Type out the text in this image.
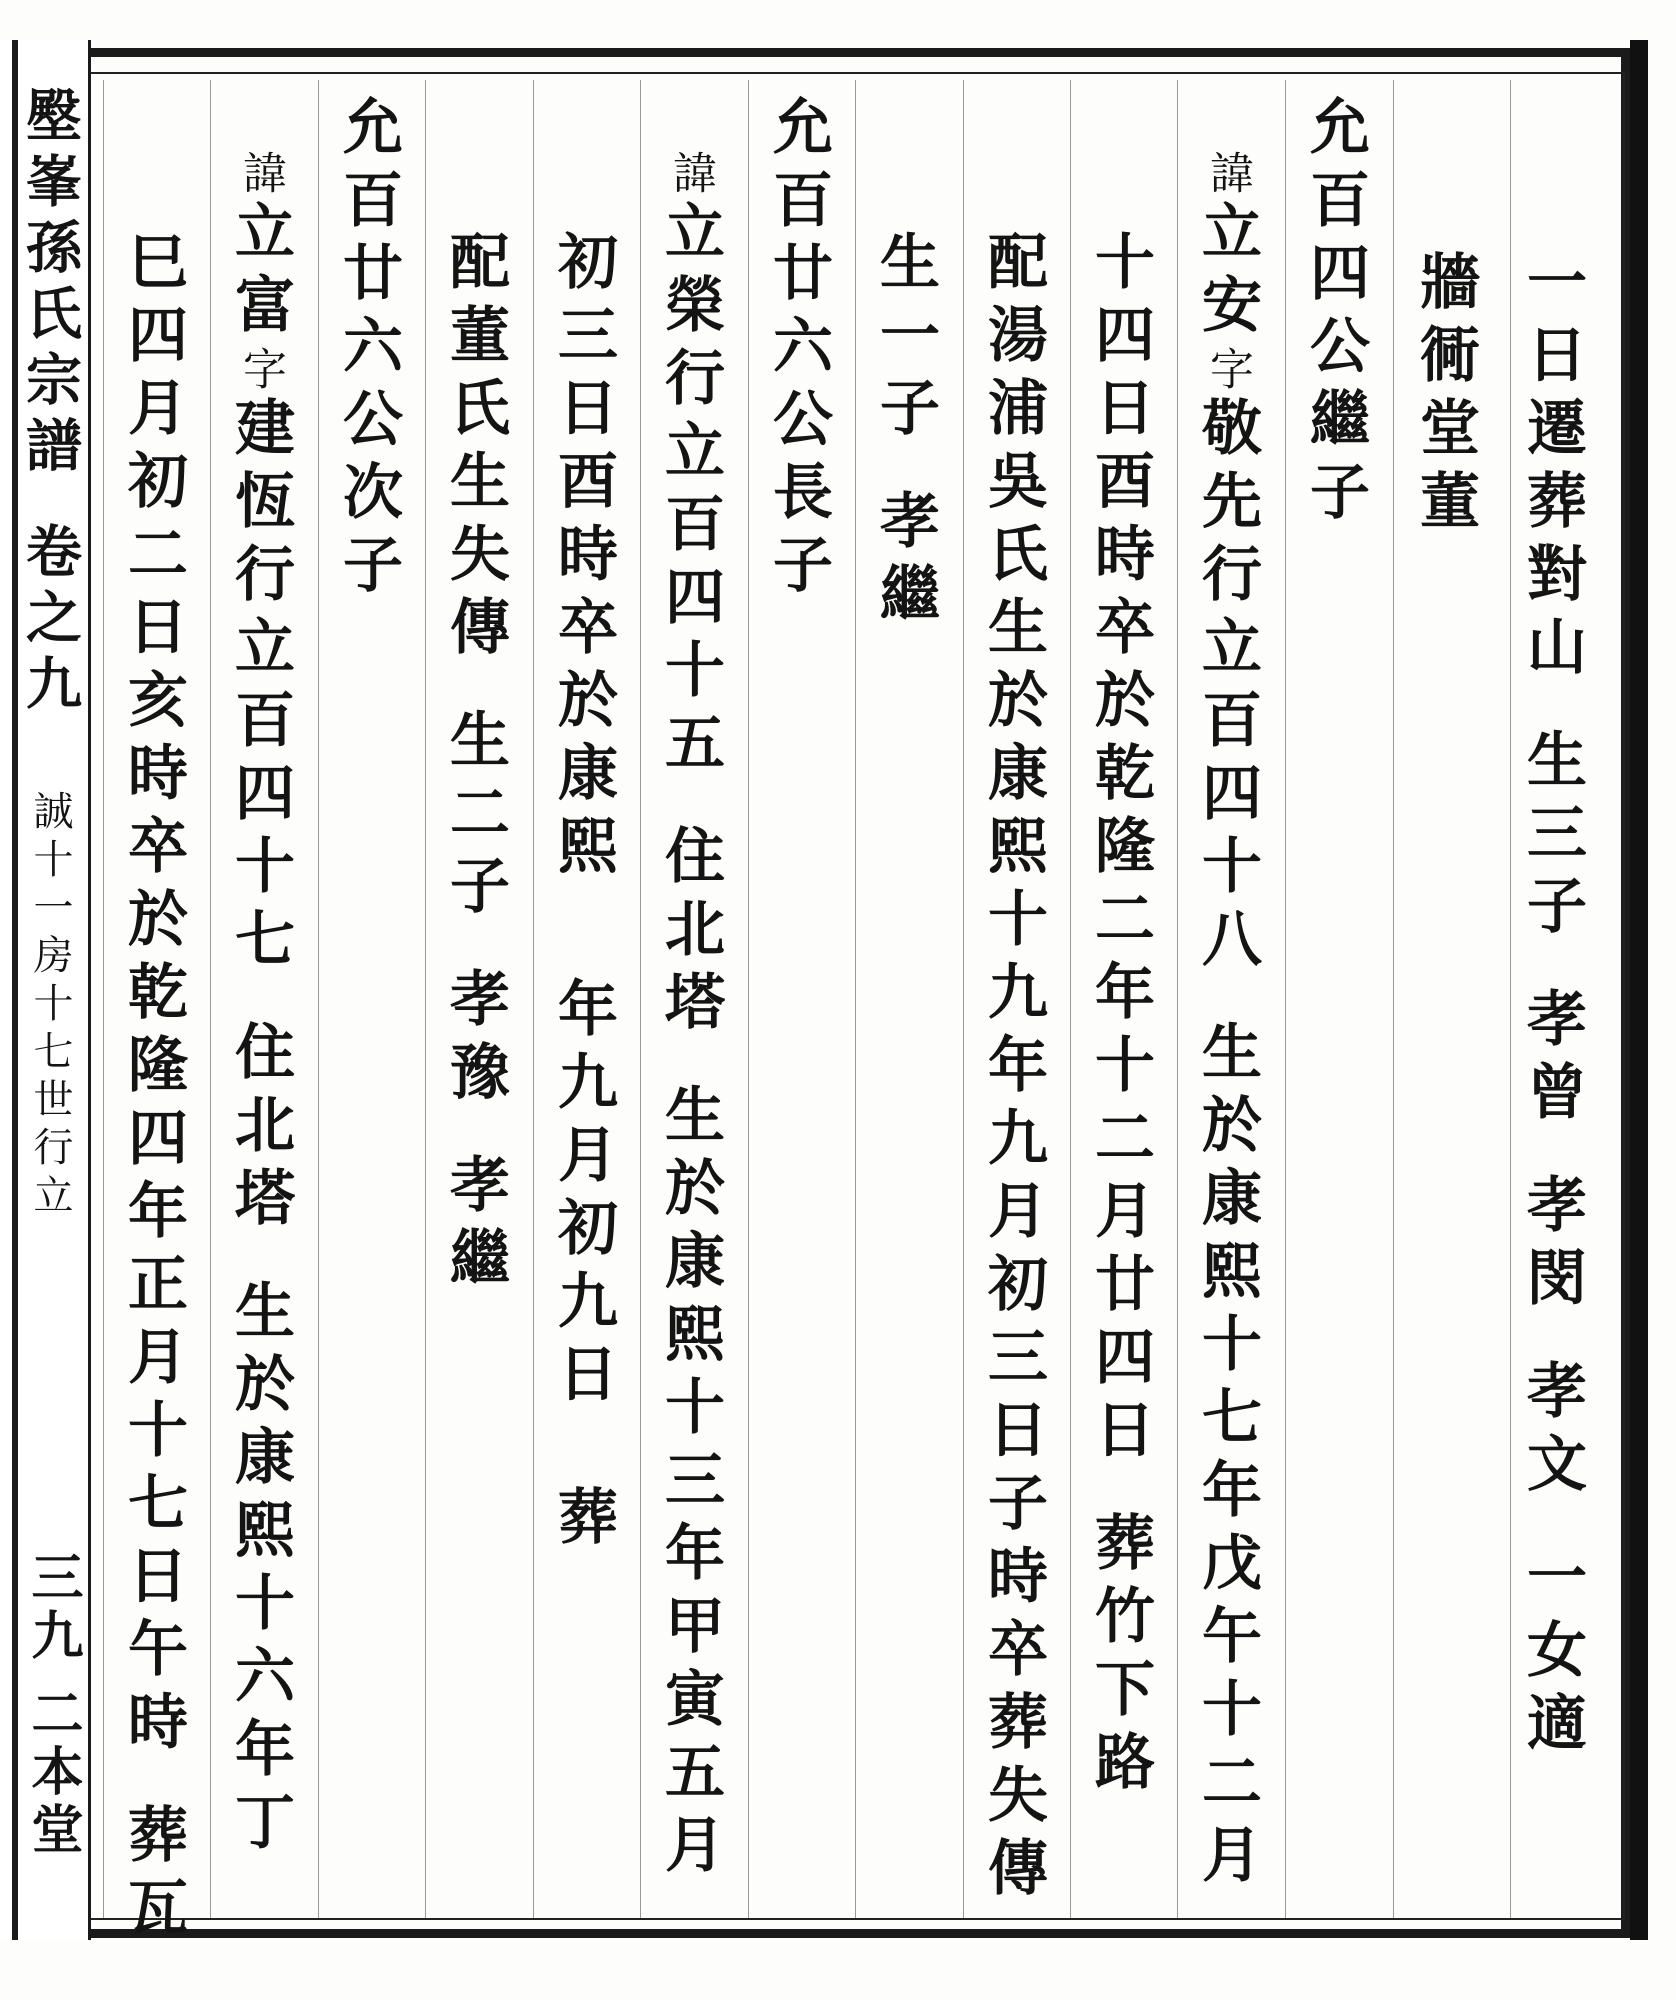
壂峯孫氏宗譜卷之九
誠十一房十七世行立
三九二本堂
一日遷葬對山生三子孝曾孝閔孝文一女適
牆衕堂董
允百四公繼子
諱立安字敬先行立百四十八生於康熙十七年戊午十二月
十四日酉時卒於乾隆二年十二月廿四日葬竹下路
配湯浦吳氏生於康熙十九年九月初三日子時卒葬失傳
生一子孝繼
允百廿六公長子
諱立榮行立百四十五住北塔生於康熙十三年甲寅五月
初三日酉時卒於康熙年九月初九日葬
配董氏生失傳生二子孝豫孝繼
允百廿六公次子
諱立富字建恆行立百四十七住北塔生於康熙十六年丁
巳四月初二日亥時卒於乾隆四年正月十七日午時葬瓦
